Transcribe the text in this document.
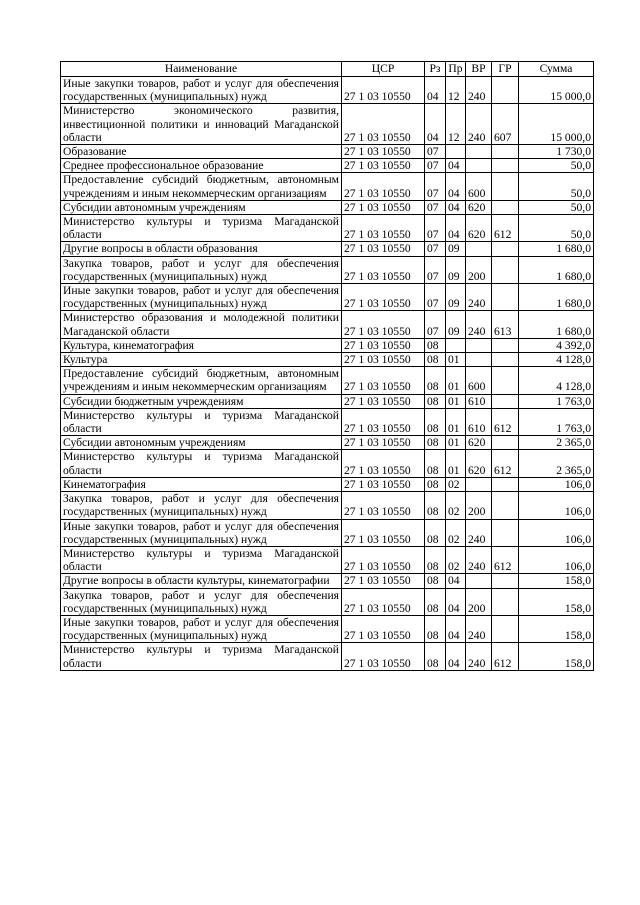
Наименование	ЦСР	Рз	Пр	ВР	ГР	Сумма
Иные закупки товаров, работ и услуг для обеспечения государственных (муниципальных) нужд	27 1 03 10550	04	12	240		15 000,0
Министерство экономического развития, инвестиционной политики и инноваций Магаданской области	27 1 03 10550	04	12	240	607	15 000,0
Образование	27 1 03 10550	07				1 730,0
Среднее профессиональное образование	27 1 03 10550	07	04			50,0
Предоставление субсидий бюджетным, автономным учреждениям и иным некоммерческим организациям	27 1 03 10550	07	04	600		50,0
Субсидии автономным учреждениям	27 1 03 10550	07	04	620		50,0
Министерство культуры и туризма Магаданской области	27 1 03 10550	07	04	620	612	50,0
Другие вопросы в области образования	27 1 03 10550	07	09			1 680,0
Закупка товаров, работ и услуг для обеспечения государственных (муниципальных) нужд	27 1 03 10550	07	09	200		1 680,0
Иные закупки товаров, работ и услуг для обеспечения государственных (муниципальных) нужд	27 1 03 10550	07	09	240		1 680,0
Министерство образования и молодежной политики Магаданской области	27 1 03 10550	07	09	240	613	1 680,0
Культура, кинематография	27 1 03 10550	08				4 392,0
Культура	27 1 03 10550	08	01			4 128,0
Предоставление субсидий бюджетным, автономным учреждениям и иным некоммерческим организациям	27 1 03 10550	08	01	600		4 128,0
Субсидии бюджетным учреждениям	27 1 03 10550	08	01	610		1 763,0
Министерство культуры и туризма Магаданской области	27 1 03 10550	08	01	610	612	1 763,0
Субсидии автономным учреждениям	27 1 03 10550	08	01	620		2 365,0
Министерство культуры и туризма Магаданской области	27 1 03 10550	08	01	620	612	2 365,0
Кинематография	27 1 03 10550	08	02			106,0
Закупка товаров, работ и услуг для обеспечения государственных (муниципальных) нужд	27 1 03 10550	08	02	200		106,0
Иные закупки товаров, работ и услуг для обеспечения государственных (муниципальных) нужд	27 1 03 10550	08	02	240		106,0
Министерство культуры и туризма Магаданской области	27 1 03 10550	08	02	240	612	106,0
Другие вопросы в области культуры, кинематографии	27 1 03 10550	08	04			158,0
Закупка товаров, работ и услуг для обеспечения государственных (муниципальных) нужд	27 1 03 10550	08	04	200		158,0
Иные закупки товаров, работ и услуг для обеспечения государственных (муниципальных) нужд	27 1 03 10550	08	04	240		158,0
Министерство культуры и туризма Магаданской области	27 1 03 10550	08	04	240	612	158,0
